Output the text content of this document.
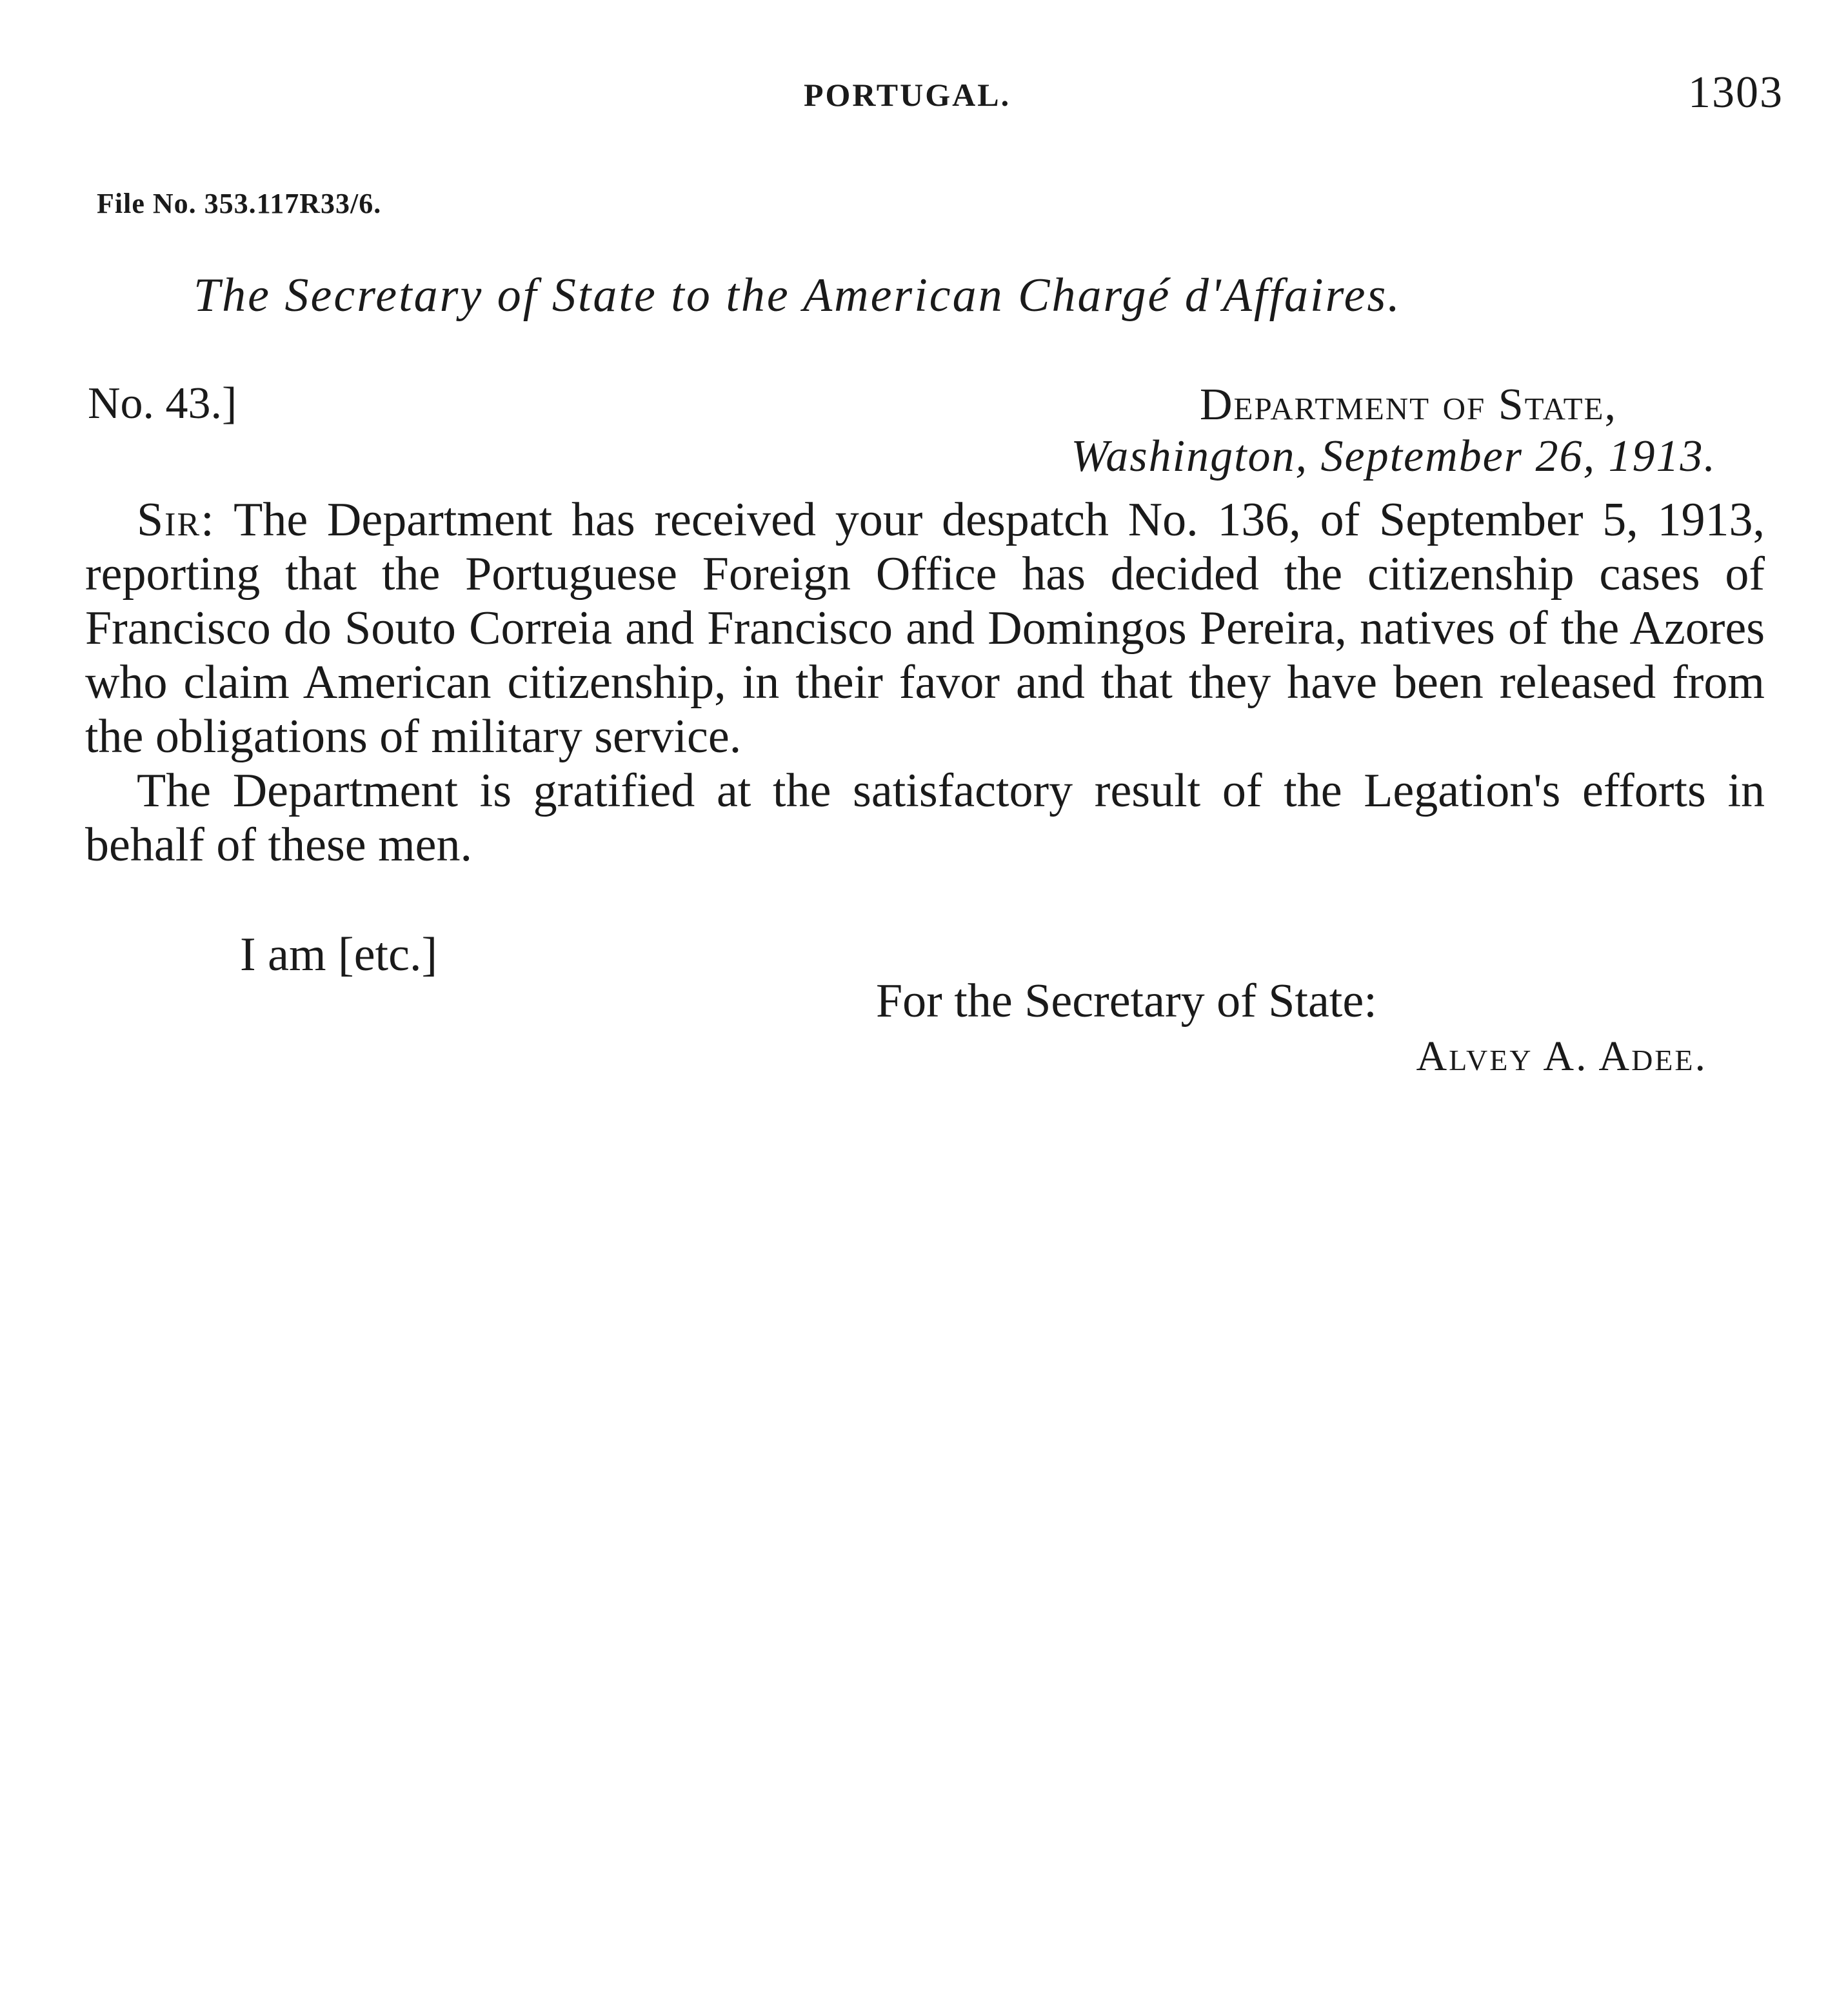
PORTUGAL.	1303
File No. 353.117R33/6.
The Secretary of State to the American Chargé d'Affaires.
No. 43.]	Department of State,
Washington, September 26, 1913.

Sir: The Department has received your despatch No. 136, of September 5, 1913, reporting that the Portuguese Foreign Office has decided the citizenship cases of Francisco do Souto Correia and Francisco and Domingos Pereira, natives of the Azores who claim American citizenship, in their favor and that they have been released from the obligations of military service.

The Department is gratified at the satisfactory result of the Legation's efforts in behalf of these men.

I am [etc.]
For the Secretary of State:
Alvey A. Adee.
